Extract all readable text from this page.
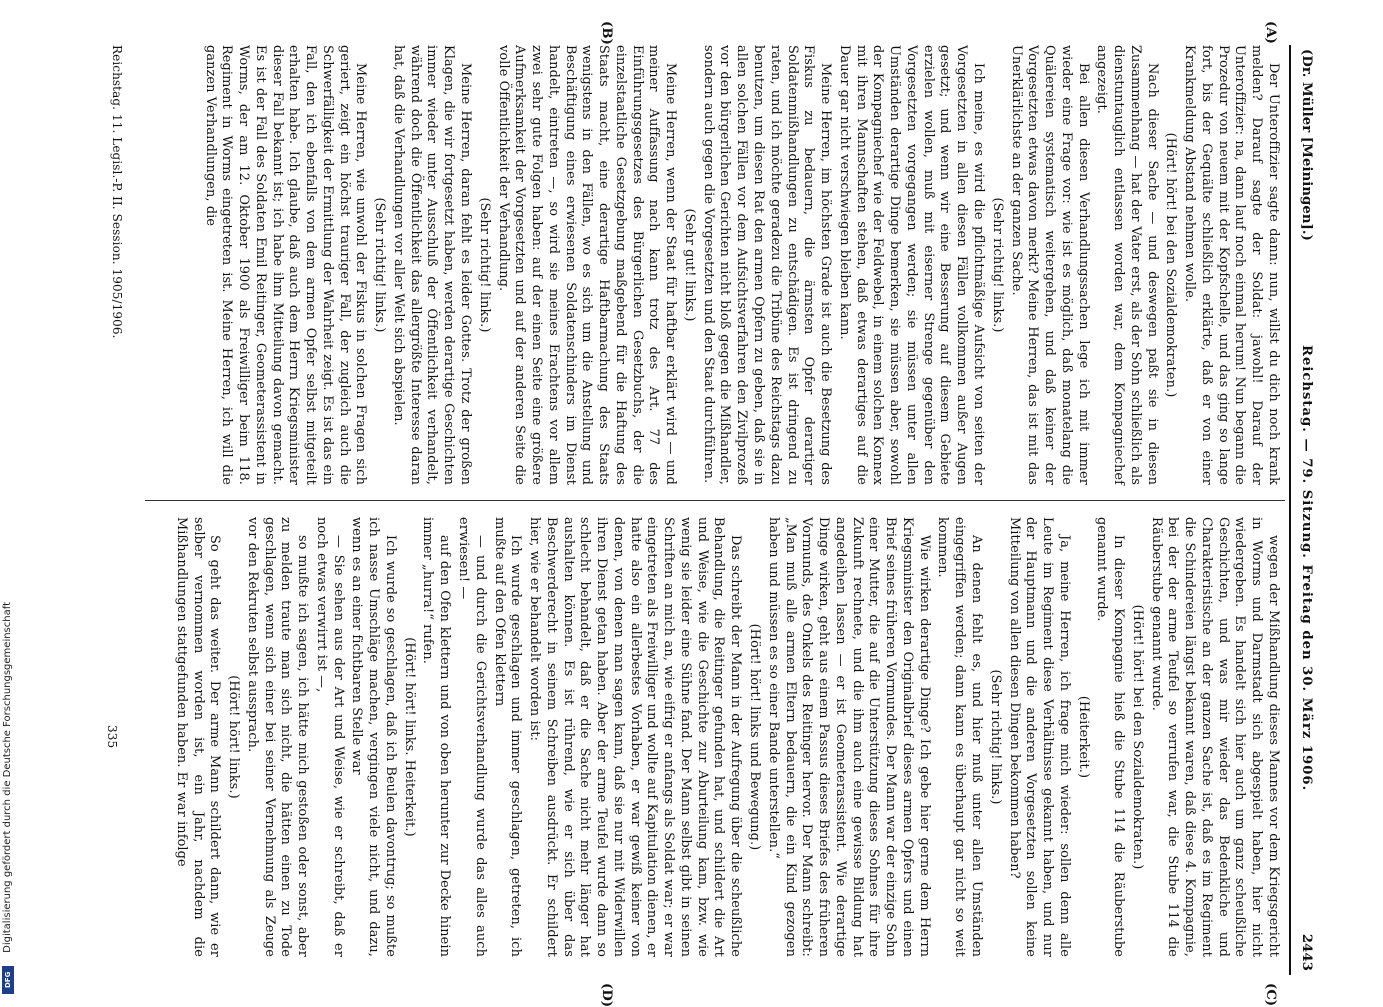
(Dr. Müller [Meiningen].)
Reichstag. — 79. Sitzung. Freitag den 30. März 1906.
2443
(A)
(B)
(C)
(D)

Der Unteroffizier sagte dann: nun, willst du dich noch krank melden? Darauf sagte der Soldat: jawohl! Darauf der Unteroffizier: na, dann lauf noch einmal herum! Nun begann die Prozedur von neuem mit der Kopfschelle, und das ging so lange fort, bis der Gequälte schließlich erklärte, daß er von einer Krankmeldung Abstand nehmen wolle.

(Hört! hört! bei den Sozialdemokraten.)

Nach dieser Sache — und deswegen paßt sie in diesen Zusammenhang — hat der Vater erst, als der Sohn schließlich als dienstuntauglich entlassen worden war, dem Kompagniechef angezeigt.

Bei allen diesen Verhandlungssachen lege ich mit immer wieder eine Frage vor: wie ist es möglich, daß monatelang die Quälereien systematisch weitergehen, und daß keiner der Vorgesetzten etwas davon merkt? Meine Herren, das ist mit das Unerklärlichste an der ganzen Sache.

(Sehr richtig! links.)

Ich meine, es wird die pflichtmäßige Aufsicht von seiten der Vorgesetzten in allen diesen Fällen vollkommen außer Augen gesetzt; und wenn wir eine Besserung auf diesem Gebiete erzielen wollen, muß mit eiserner Strenge gegenüber den Vorgesetzten vorgegangen werden; sie müssen unter allen Umständen derartige Dinge bemerken, sie müssen aber, sowohl der Kompagniechef wie der Feldwebel, in einem solchen Konnex mit ihren Mannschaften stehen, daß etwas derartiges auf die Dauer gar nicht verschwiegen bleiben kann.

Meine Herren, im höchsten Grade ist auch die Besetzung des Fiskus zu bedauern, die ärmsten Opfer derartiger Soldatenmißhandlungen zu entschädigen. Es ist dringend zu raten, und ich möchte geradezu die Tribüne des Reichstags dazu benutzen, um diesen Rat den armen Opfern zu geben, daß sie in allen solchen Fällen vor dem Aufsichtsverfahren den Zivilprozeß vor den bürgerlichen Gerichten nicht bloß gegen die Mißhandler, sondern auch gegen die Vorgesetzten und den Staat durchführen.

(Sehr gut! links.)

Meine Herren, wenn der Staat für haftbar erklärt wird — und meiner Auffassung nach kann trotz des Art. 77 des Einführungsgesetzes des Bürgerlichen Gesetzbuchs, der die einzelstaatliche Gesetzgebung maßgebend für die Haftung des Staats macht, eine derartige Haftbarmachung des Staats wenigstens in den Fällen, wo es sich um die Anstellung und Beschäftigung eines erwiesenen Soldatenschinders im Dienst handelt, eintreten —, so wird sie meines Erachtens vor allem zwei sehr gute Folgen haben: auf der einen Seite eine größere Aufmerksamkeit der Vorgesetzten und auf der anderen Seite die volle Öffentlichkeit der Verhandlung.

(Sehr richtig! links.)

Meine Herren, daran fehlt es leider Gottes. Trotz der großen Klagen, die wir fortgesetzt haben, werden derartige Geschichten immer wieder unter Ausschluß der Öffentlichkeit verhandelt, während doch die Öffentlichkeit das allergrößte Interesse daran hat, daß die Verhandlungen vor aller Welt sich abspielen.

(Sehr richtig! links.)

Meine Herren, wie unwohl der Fiskus in solchen Fragen sich geriert, zeigt ein höchst trauriger Fall, der zugleich auch die Schwerfälligkeit der Ermittlung der Wahrheit zeigt. Es ist das ein Fall, den ich ebenfalls von dem armen Opfer selbst mitgeteilt erhalten habe. Ich glaube, daß auch dem Herrn Kriegsminister dieser Fall bekannt ist; ich habe ihm Mitteilung davon gemacht. Es ist der Fall des Soldaten Emil Reitinger, Geometerassistent in Worms, der am 12. Oktober 1900 als Freiwilliger beim 118. Regiment in Worms eingetreten ist. Meine Herren, ich will die ganzen Verhandlungen, die

wegen der Mißhandlung dieses Mannes vor dem Kriegsgericht in Worms und Darmstadt sich abgespielt haben, hier nicht wiedergeben. Es handelt sich hier auch um ganz scheußliche Geschichten, und was mir wieder das Bedenkliche und Charakteristische an der ganzen Sache ist, daß es im Regiment die Schindereien längst bekannt waren, daß diese 4. Kompagnie, bei der der arme Teufel so verrufen war, die Stube 114 die Räuberstube genannt wurde.

(Hört! hört! bei den Sozialdemokraten.)

In dieser Kompagnie hieß die Stube 114 die Räuberstube genannt wurde.

(Heiterkeit.)

Ja, meine Herren, ich frage mich wieder: sollen denn alle Leute im Regiment diese Verhältnisse gekannt haben, und nur der Hauptmann und die anderen Vorgesetzten sollen keine Mitteilung von allen diesen Dingen bekommen haben?

(Sehr richtig! links.)

An denen fehlt es, und hier muß unter allen Umständen eingegriffen werden; dann kann es überhaupt gar nicht so weit kommen.

Wie wirken derartige Dinge? Ich gebe hier gerne dem Herrn Kriegsminister den Originalbrief dieses armen Opfers und einen Brief seines früheren Vormundes. Der Mann war der einzige Sohn einer Mutter, die auf die Unterstützung dieses Sohnes für ihre Zukunft rechnete, und die ihm auch eine gewisse Bildung hat angedeihen lassen — er ist Geometerassistent. Wie derartige Dinge wirken, geht aus einem Passus dieses Briefes des früheren Vormunds, des Onkels des Reitinger hervor. Der Mann schreibt: „Man muß alle armen Eltern bedauern, die ein Kind gezogen haben und müssen es so einer Bande unterstellen.“

(Hört! hört! links und Bewegung.)

Das schreibt der Mann in der Aufregung über die scheußliche Behandlung, die Reitinger gefunden hat, und schildert die Art und Weise, wie die Geschichte zur Aburteilung kam, bzw. wie wenig sie leider eine Sühne fand. Der Mann selbst gibt in seinen Schriften an mich an, wie eifrig er anfangs als Soldat war; er war eingetreten als Freiwilliger und wollte auf Kapitulation dienen, er hatte also ein allerbestes Vorhaben, er war gewiß keiner von denen, von denen man sagen kann, daß sie nur mit Widerwillen ihren Dienst getan haben. Aber der arme Teufel wurde dann so schlecht behandelt, daß er die Sache nicht mehr länger hat aushalten können. Es ist rührend, wie er sich über das Beschwerderecht in seinem Schreiben ausdrückt. Er schildert hier, wie er behandelt worden ist:

Ich wurde geschlagen und immer geschlagen, getreten, ich mußte auf den Ofen klettern

— und durch die Gerichtsverhandlung wurde das alles auch erwiesen! —

auf den Ofen klettern und von oben herunter zur Decke hinein immer „hurra!“ rufen.

(Hört! hört! links. Heiterkeit.)

Ich wurde so geschlagen, daß ich Beulen davontrug; so mußte ich nasse Umschläge machen, vergingen viele nicht, und dazu, wenn es an einer fichtbaren Stelle war

— Sie sehen aus der Art und Weise, wie er schreibt, daß er noch etwas verwirrt ist —,

so mußte ich sagen, ich hätte mich gestoßen oder sonst, aber zu melden traute man sich nicht, die hätten einen zu Tode geschlagen, wenn sich einer bei seiner Vernehmung als Zeuge vor den Rekruten selbst aussprach.

(Hört! hört! links.)

So geht das weiter. Der arme Mann schildert dann, wie er selber vernommen worden ist, ein Jahr, nachdem die Mißhandlungen stattgefunden haben. Er war infolge

Reichstag. 11. Legisl.-P. II. Session. 1905/1906.
335
Digitalisierung gefördert durch die Deutsche Forschungsgemeinschaft
DFG
